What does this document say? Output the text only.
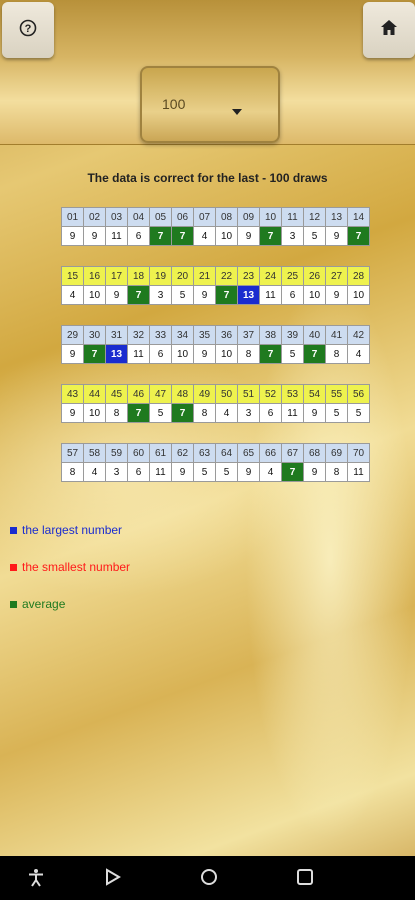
?
100
The data is correct for the last - 100 draws
01	02	03	04	05	06	07	08	09	10	11	12	13	14
9	9	11	6	7	7	4	10	9	7	3	5	9	7
15	16	17	18	19	20	21	22	23	24	25	26	27	28
4	10	9	7	3	5	9	7	13	11	6	10	9	10
29	30	31	32	33	34	35	36	37	38	39	40	41	42
9	7	13	11	6	10	9	10	8	7	5	7	8	4
43	44	45	46	47	48	49	50	51	52	53	54	55	56
9	10	8	7	5	7	8	4	3	6	11	9	5	5
57	58	59	60	61	62	63	64	65	66	67	68	69	70
8	4	3	6	11	9	5	5	9	4	7	9	8	11
the largest number
the smallest number
average
